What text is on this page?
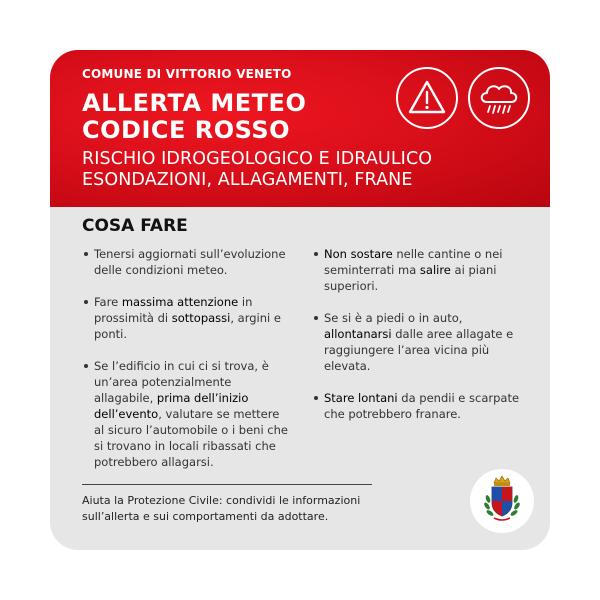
COMUNE DI VITTORIO VENETO
ALLERTA METEO
CODICE ROSSO
RISCHIO IDROGEOLOGICO E IDRAULICO
ESONDAZIONI, ALLAGAMENTI, FRANE
COSA FARE
Tenersi aggiornati sull’evoluzione delle condizioni meteo.
Fare massima attenzione in prossimità di sottopassi, argini e ponti.
Se l’edificio in cui ci si trova, è un’area potenzialmente allagabile, prima dell’inizio dell’evento, valutare se mettere al sicuro l’automobile o i beni che si trovano in locali ribassati che potrebbero allagarsi.
Non sostare nelle cantine o nei seminterrati ma salire ai piani superiori.
Se si è a piedi o in auto, allontanarsi dalle aree allagate e raggiungere l’area vicina più elevata.
Stare lontani da pendii e scarpate che potrebbero franare.
Aiuta la Protezione Civile: condividi le informazioni sull’allerta e sui comportamenti da adottare.
